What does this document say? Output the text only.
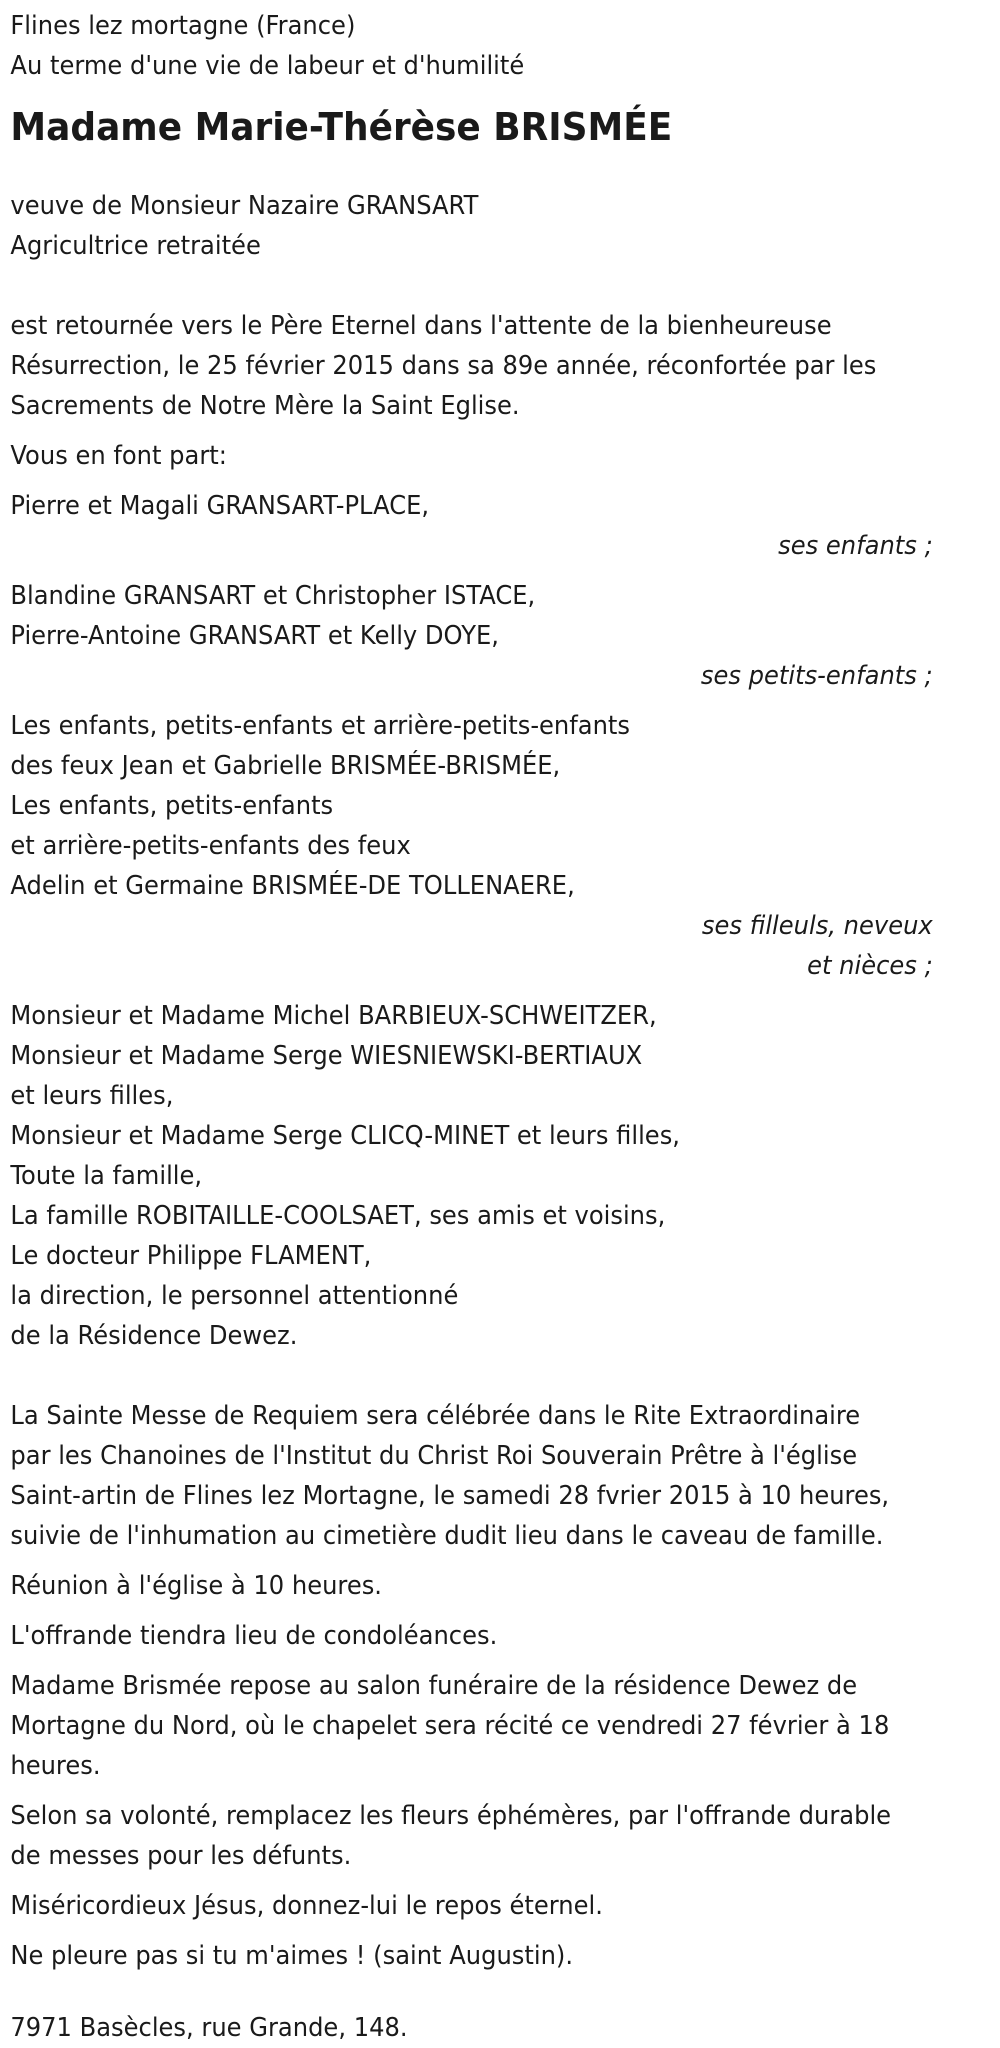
Flines lez mortagne (France)
Au terme d'une vie de labeur et d'humilité
Madame Marie-Thérèse BRISMÉE
veuve de Monsieur Nazaire GRANSART
Agricultrice retraitée
est retournée vers le Père Eternel dans l'attente de la bienheureuse
Résurrection, le 25 février 2015 dans sa 89e année, réconfortée par les
Sacrements de Notre Mère la Saint Eglise.
Vous en font part:
Pierre et Magali GRANSART-PLACE,
ses enfants ;
Blandine GRANSART et Christopher ISTACE,
Pierre-Antoine GRANSART et Kelly DOYE,
ses petits-enfants ;
Les enfants, petits-enfants et arrière-petits-enfants
des feux Jean et Gabrielle BRISMÉE-BRISMÉE,
Les enfants, petits-enfants
et arrière-petits-enfants des feux
Adelin et Germaine BRISMÉE-DE TOLLENAERE,
ses filleuls, neveux
et nièces ;
Monsieur et Madame Michel BARBIEUX-SCHWEITZER,
Monsieur et Madame Serge WIESNIEWSKI-BERTIAUX
et leurs filles,
Monsieur et Madame Serge CLICQ-MINET et leurs filles,
Toute la famille,
La famille ROBITAILLE-COOLSAET, ses amis et voisins,
Le docteur Philippe FLAMENT,
la direction, le personnel attentionné
de la Résidence Dewez.
La Sainte Messe de Requiem sera célébrée dans le Rite Extraordinaire
par les Chanoines de l'Institut du Christ Roi Souverain Prêtre à l'église
Saint-artin de Flines lez Mortagne, le samedi 28 fvrier 2015 à 10 heures,
suivie de l'inhumation au cimetière dudit lieu dans le caveau de famille.
Réunion à l'église à 10 heures.
L'offrande tiendra lieu de condoléances.
Madame Brismée repose au salon funéraire de la résidence Dewez de
Mortagne du Nord, où le chapelet sera récité ce vendredi 27 février à 18
heures.
Selon sa volonté, remplacez les fleurs éphémères, par l'offrande durable
de messes pour les défunts.
Miséricordieux Jésus, donnez-lui le repos éternel.
Ne pleure pas si tu m'aimes ! (saint Augustin).
7971 Basècles, rue Grande, 148.
